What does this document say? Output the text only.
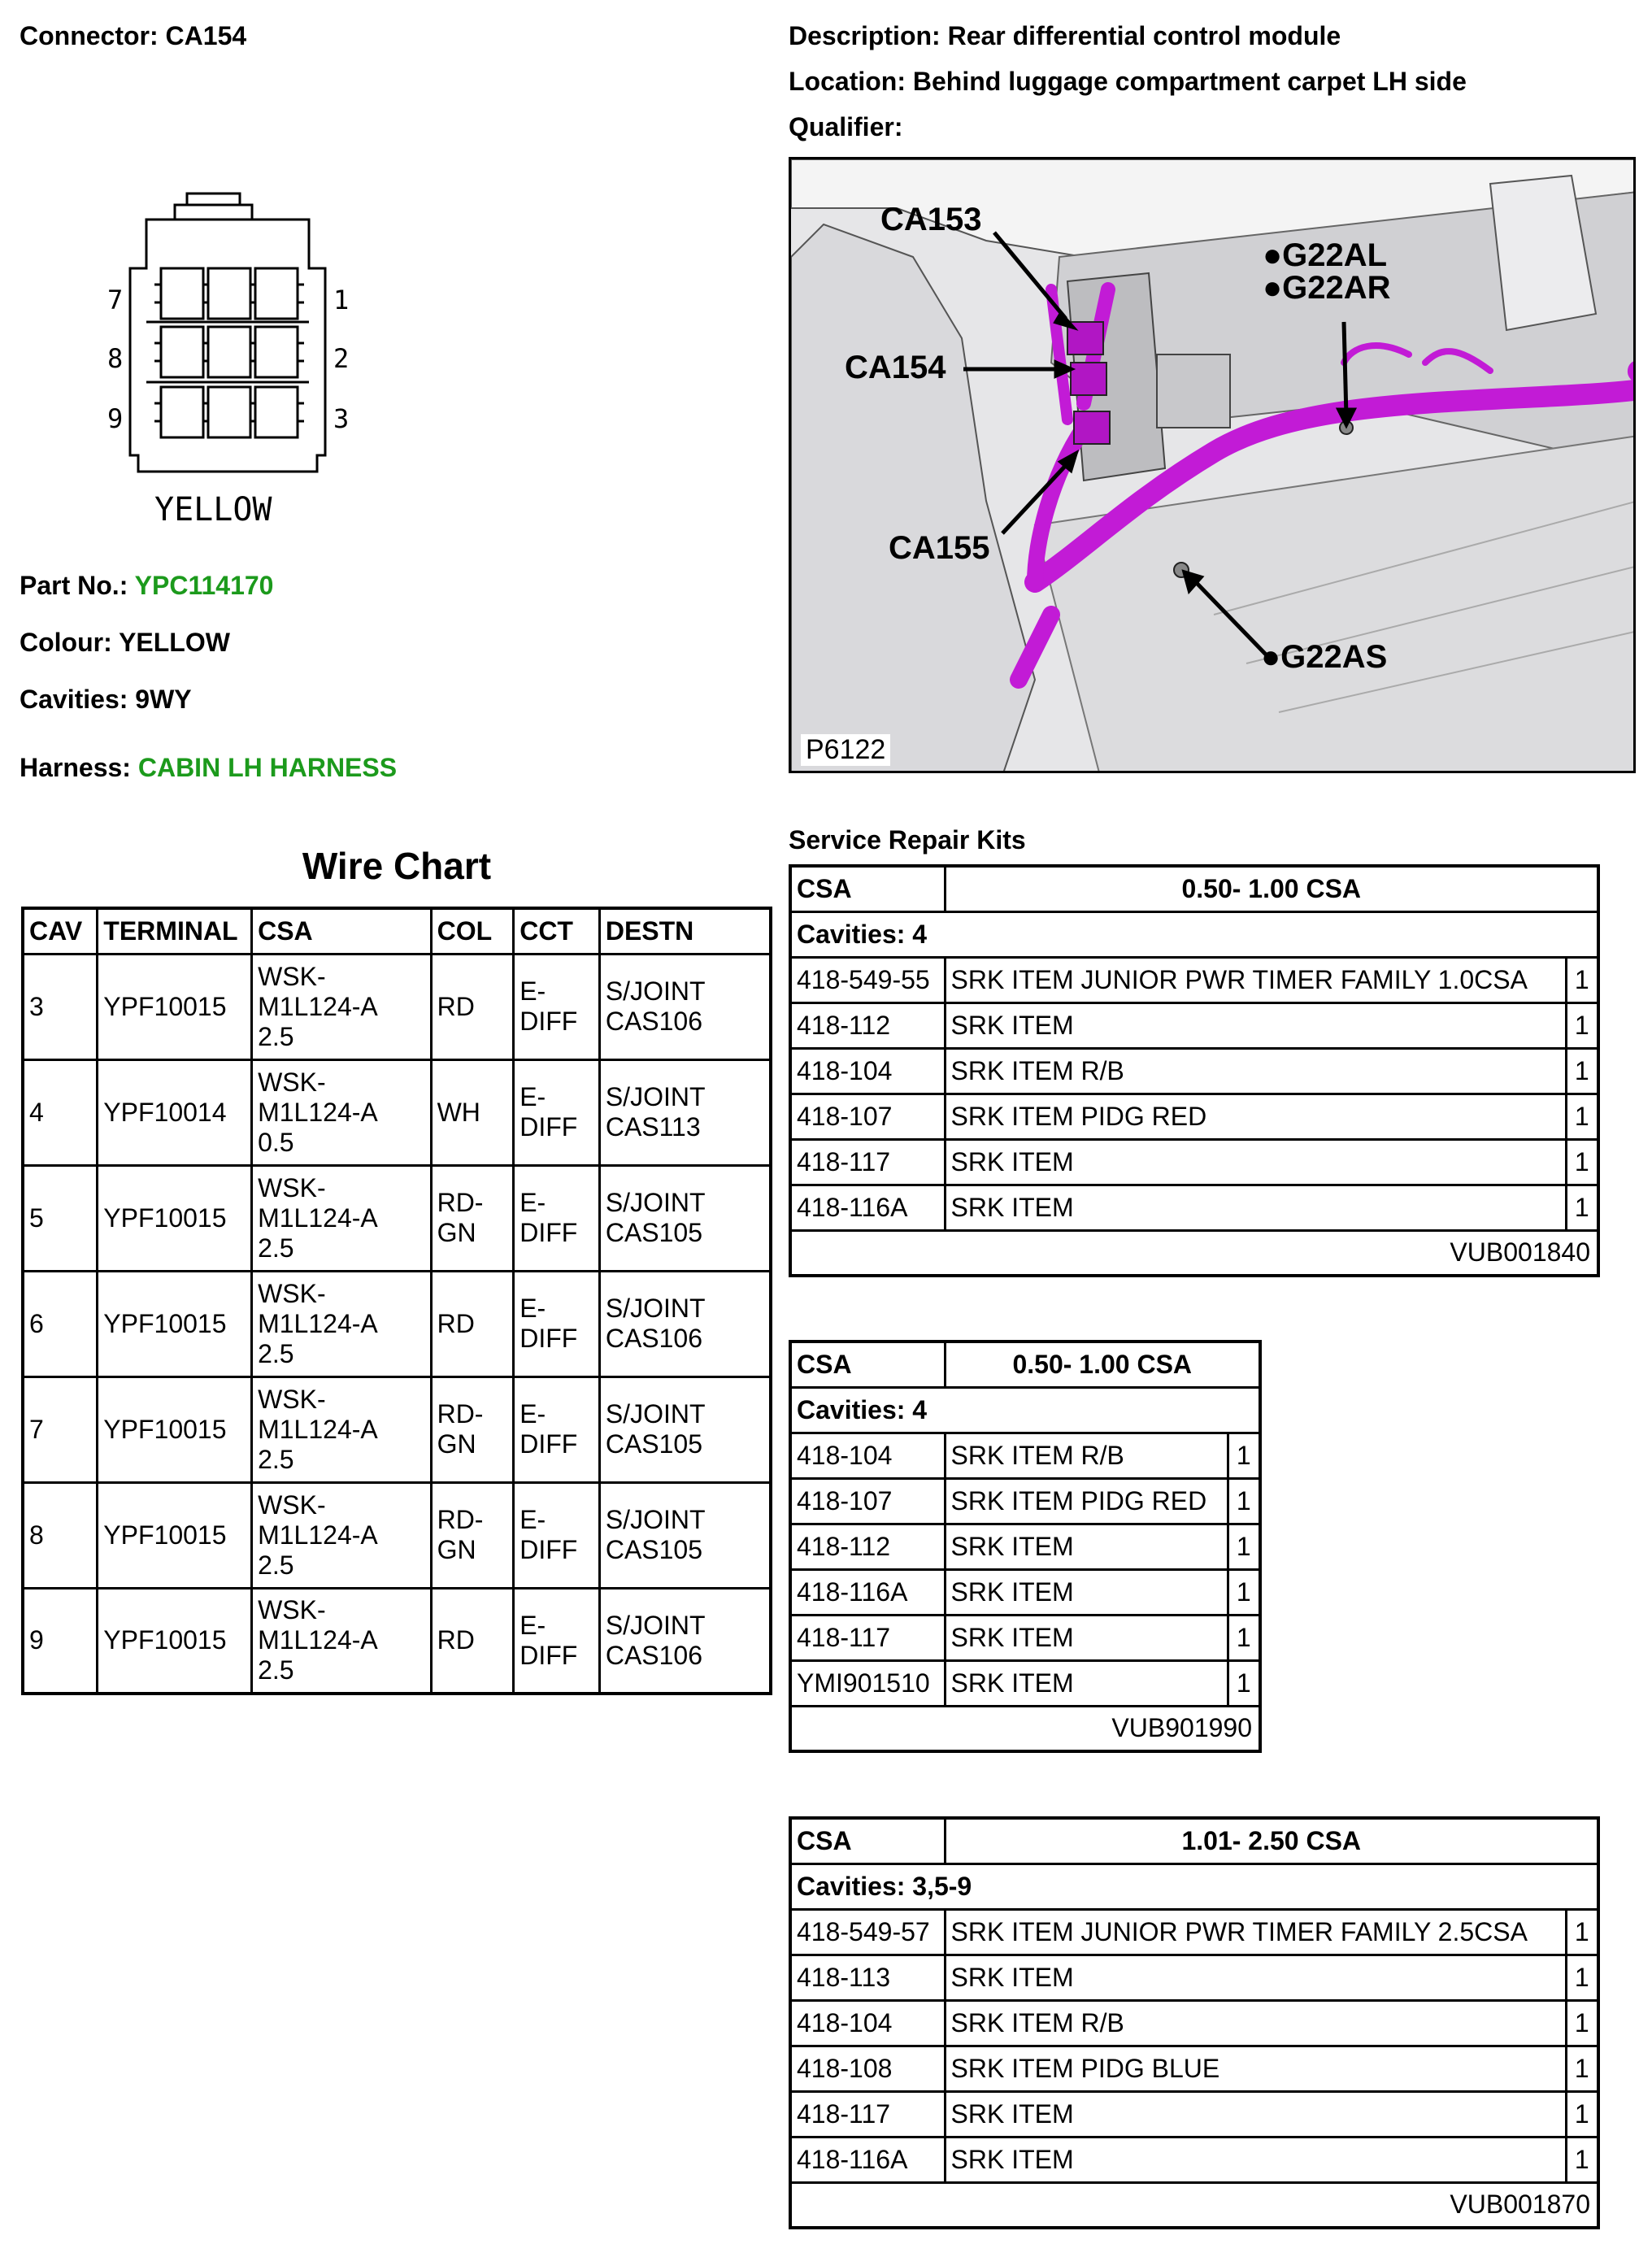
Connector: CA154	Description: Rear differential control module
Location: Behind luggage compartment carpet LH side
Qualifier:
7
8
9
1
2
3
YELLOW
Part No.: YPC114170
Colour: YELLOW
Cavities: 9WY
Harness: CABIN LH HARNESS
CA153
CA154
CA155
●G22AL
●G22AR
●G22AS
P6122
Wire Chart
CAV	TERMINAL	CSA	COL	CCT	DESTN
3	YPF10015	WSK-
M1L124-A
2.5	RD	E-
DIFF	S/JOINT
CAS106
4	YPF10014	WSK-
M1L124-A
0.5	WH	E-
DIFF	S/JOINT
CAS113
5	YPF10015	WSK-
M1L124-A
2.5	RD-
GN	E-
DIFF	S/JOINT
CAS105
6	YPF10015	WSK-
M1L124-A
2.5	RD	E-
DIFF	S/JOINT
CAS106
7	YPF10015	WSK-
M1L124-A
2.5	RD-
GN	E-
DIFF	S/JOINT
CAS105
8	YPF10015	WSK-
M1L124-A
2.5	RD-
GN	E-
DIFF	S/JOINT
CAS105
9	YPF10015	WSK-
M1L124-A
2.5	RD	E-
DIFF	S/JOINT
CAS106
Service Repair Kits
CSA	0.50- 1.00 CSA	
Cavities: 4		
418-549-55	SRK ITEM JUNIOR PWR TIMER FAMILY 1.0CSA	1
418-112	SRK ITEM	1
418-104	SRK ITEM R/B	1
418-107	SRK ITEM PIDG RED	1
418-117	SRK ITEM	1
418-116A	SRK ITEM	1
VUB001840		
CSA	0.50- 1.00 CSA	
Cavities: 4		
418-104	SRK ITEM R/B	1
418-107	SRK ITEM PIDG RED	1
418-112	SRK ITEM	1
418-116A	SRK ITEM	1
418-117	SRK ITEM	1
YMI901510	SRK ITEM	1
VUB901990		
CSA	1.01- 2.50 CSA	
Cavities: 3,5-9		
418-549-57	SRK ITEM JUNIOR PWR TIMER FAMILY 2.5CSA	1
418-113	SRK ITEM	1
418-104	SRK ITEM R/B	1
418-108	SRK ITEM PIDG BLUE	1
418-117	SRK ITEM	1
418-116A	SRK ITEM	1
VUB001870		
